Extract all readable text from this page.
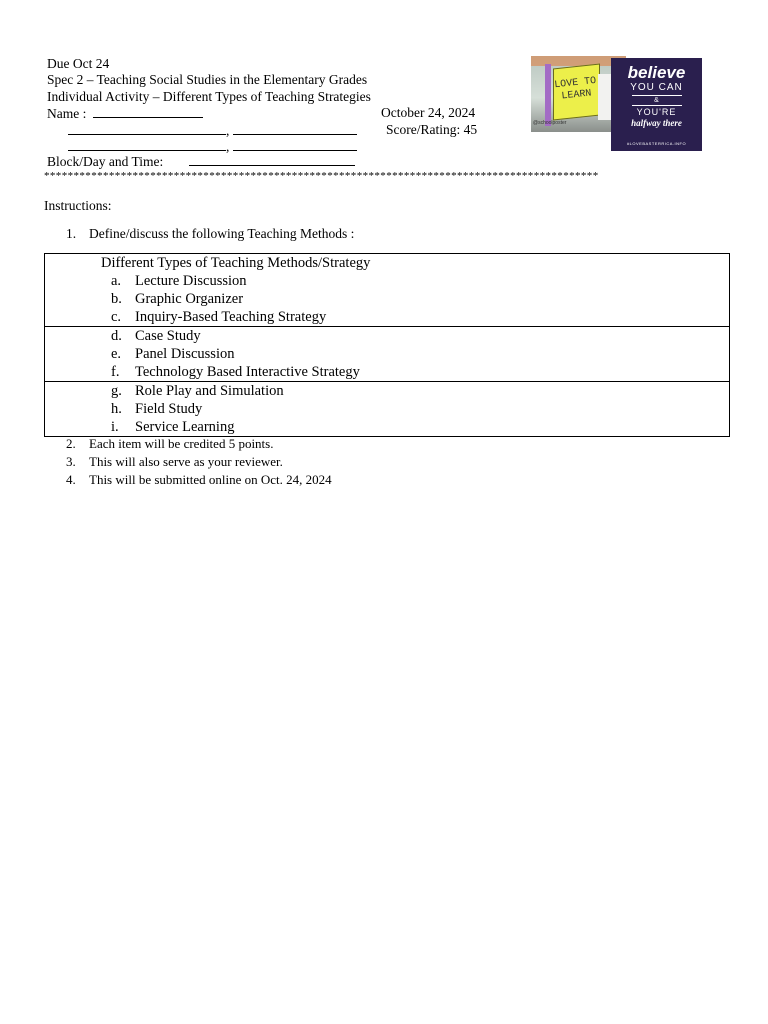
Due Oct 24
Spec 2 – Teaching Social Studies in the Elementary Grades
Individual Activity – Different Types of Teaching Strategies
Name :	October 24, 2024
,	Score/Rating: 45
,
Block/Day and Time:
**********************************************************************************************
LOVE TO
LEARN
@schoolposter
believe
YOU CAN
&
YOU'RE
halfway there
#LOVEBASTERRICA.INFO
Instructions:
1. Define/discuss the following Teaching Methods :
Different Types of Teaching Methods/Strategy
a. Lecture Discussion
b. Graphic Organizer
c. Inquiry-Based Teaching Strategy
d. Case Study
e. Panel Discussion
f.	Technology Based Interactive Strategy
g. Role Play and Simulation
h. Field Study
i.	Service Learning
2. Each item will be credited 5 points.
3. This will also serve as your reviewer.
4. This will be submitted online on Oct. 24, 2024
